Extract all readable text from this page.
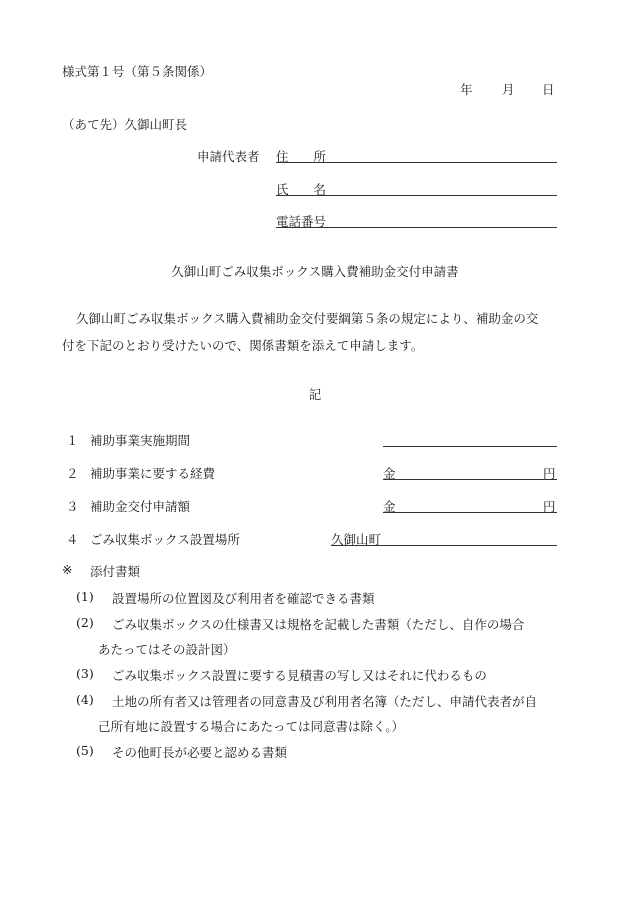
様式第１号（第５条関係）
年 月 日
（あて先）久御山町長
申請代表者 住　　所
氏　　名
電話番号
久御山町ごみ収集ボックス購入費補助金交付申請書
久御山町ごみ収集ボックス購入費補助金交付要綱第５条の規定により、補助金の交
付を下記のとおり受けたいので、関係書類を添えて申請します。
記
１ 補助事業実施期間
２ 補助事業に要する経費	金	円
３ 補助金交付申請額	金	円
４ ごみ収集ボックス設置場所	久御山町
※ 添付書類
(1) 設置場所の位置図及び利用者を確認できる書類
(2) ごみ収集ボックスの仕様書又は規格を記載した書類（ただし、自作の場合
あたってはその設計図）
(3) ごみ収集ボックス設置に要する見積書の写し又はそれに代わるもの
(4) 土地の所有者又は管理者の同意書及び利用者名簿（ただし、申請代表者が自
己所有地に設置する場合にあたっては同意書は除く。）
(5) その他町長が必要と認める書類
